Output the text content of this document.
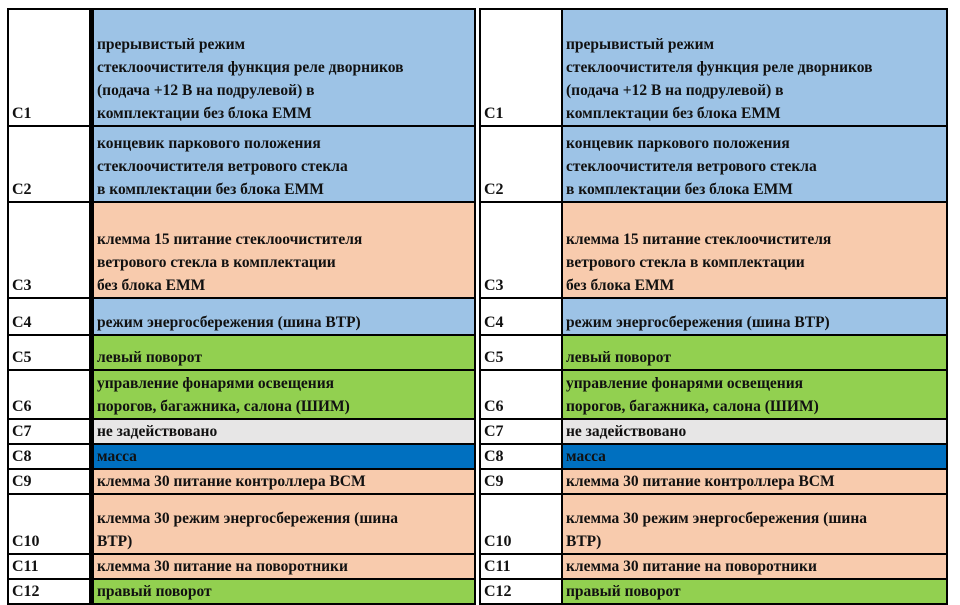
C1	прерывистый режим
стеклоочистителя функция реле дворников
(подача +12 В на подрулевой) в
комплектации без блока EMM

C2	концевик паркового положения
стеклоочистителя ветрового стекла
в комплектации без блока EMM

C3	клемма 15 питание стеклоочистителя
ветрового стекла в комплектации
без блока EMM

C4	режим энергосбережения (шина BTP)

C5	левый поворот

C6	управление фонарями освещения
порогов, багажника, салона (ШИМ)

C7	не задействовано

C8	масса

C9	клемма 30 питание контроллера BCM

C10	клемма 30 режим энергосбережения (шина
BTP)

C11	клемма 30 питание на поворотники

C12	правый поворот
C1	прерывистый режим
стеклоочистителя функция реле дворников
(подача +12 В на подрулевой) в
комплектации без блока EMM

C2	концевик паркового положения
стеклоочистителя ветрового стекла
в комплектации без блока EMM

C3	клемма 15 питание стеклоочистителя
ветрового стекла в комплектации
без блока EMM

C4	режим энергосбережения (шина BTP)

C5	левый поворот

C6	управление фонарями освещения
порогов, багажника, салона (ШИМ)

C7	не задействовано

C8	масса

C9	клемма 30 питание контроллера BCM

C10	клемма 30 режим энергосбережения (шина
BTP)

C11	клемма 30 питание на поворотники

C12	правый поворот
